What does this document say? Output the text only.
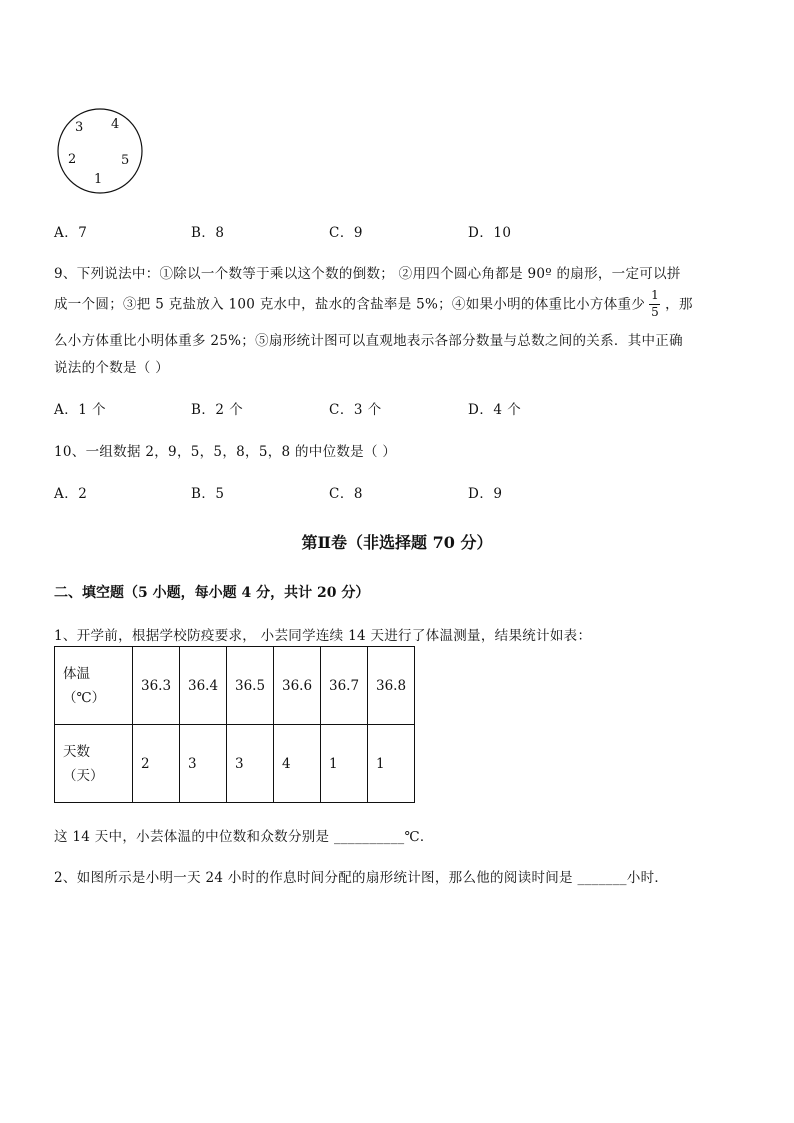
3 4
2	5
1
A．7	B．8	C．9	D．10
9、下列说法中：①除以一个数等于乘以这个数的倒数； ②用四个圆心角都是 90º 的扇形，一定可以拼
成一个圆；③把 5 克盐放入 100 克水中，盐水的含盐率是 5%；④如果小明的体重比小方体重少 $\frac{1}{5}$ ，那
么小方体重比小明体重多 25%；⑤扇形统计图可以直观地表示各部分数量与总数之间的关系．其中正确
说法的个数是（ ）
A．1 个	B．2 个	C．3 个	D．4 个
10、一组数据 2，9，5，5，8，5，8 的中位数是（ ）
A．2	B．5	C．8	D．9
第Ⅱ卷（非选择题 70 分）
二、填空题（5 小题，每小题 4 分，共计 20 分）
1、开学前，根据学校防疫要求， 小芸同学连续 14 天进行了体温测量，结果统计如表：
体温
（℃）	36.3	36.4	36.5	36.6	36.7	36.8

天数
（天）	2	3	3	4	1	1
这 14 天中，小芸体温的中位数和众数分别是 __________℃．
2、如图所示是小明一天 24 小时的作息时间分配的扇形统计图，那么他的阅读时间是 _______小时．
